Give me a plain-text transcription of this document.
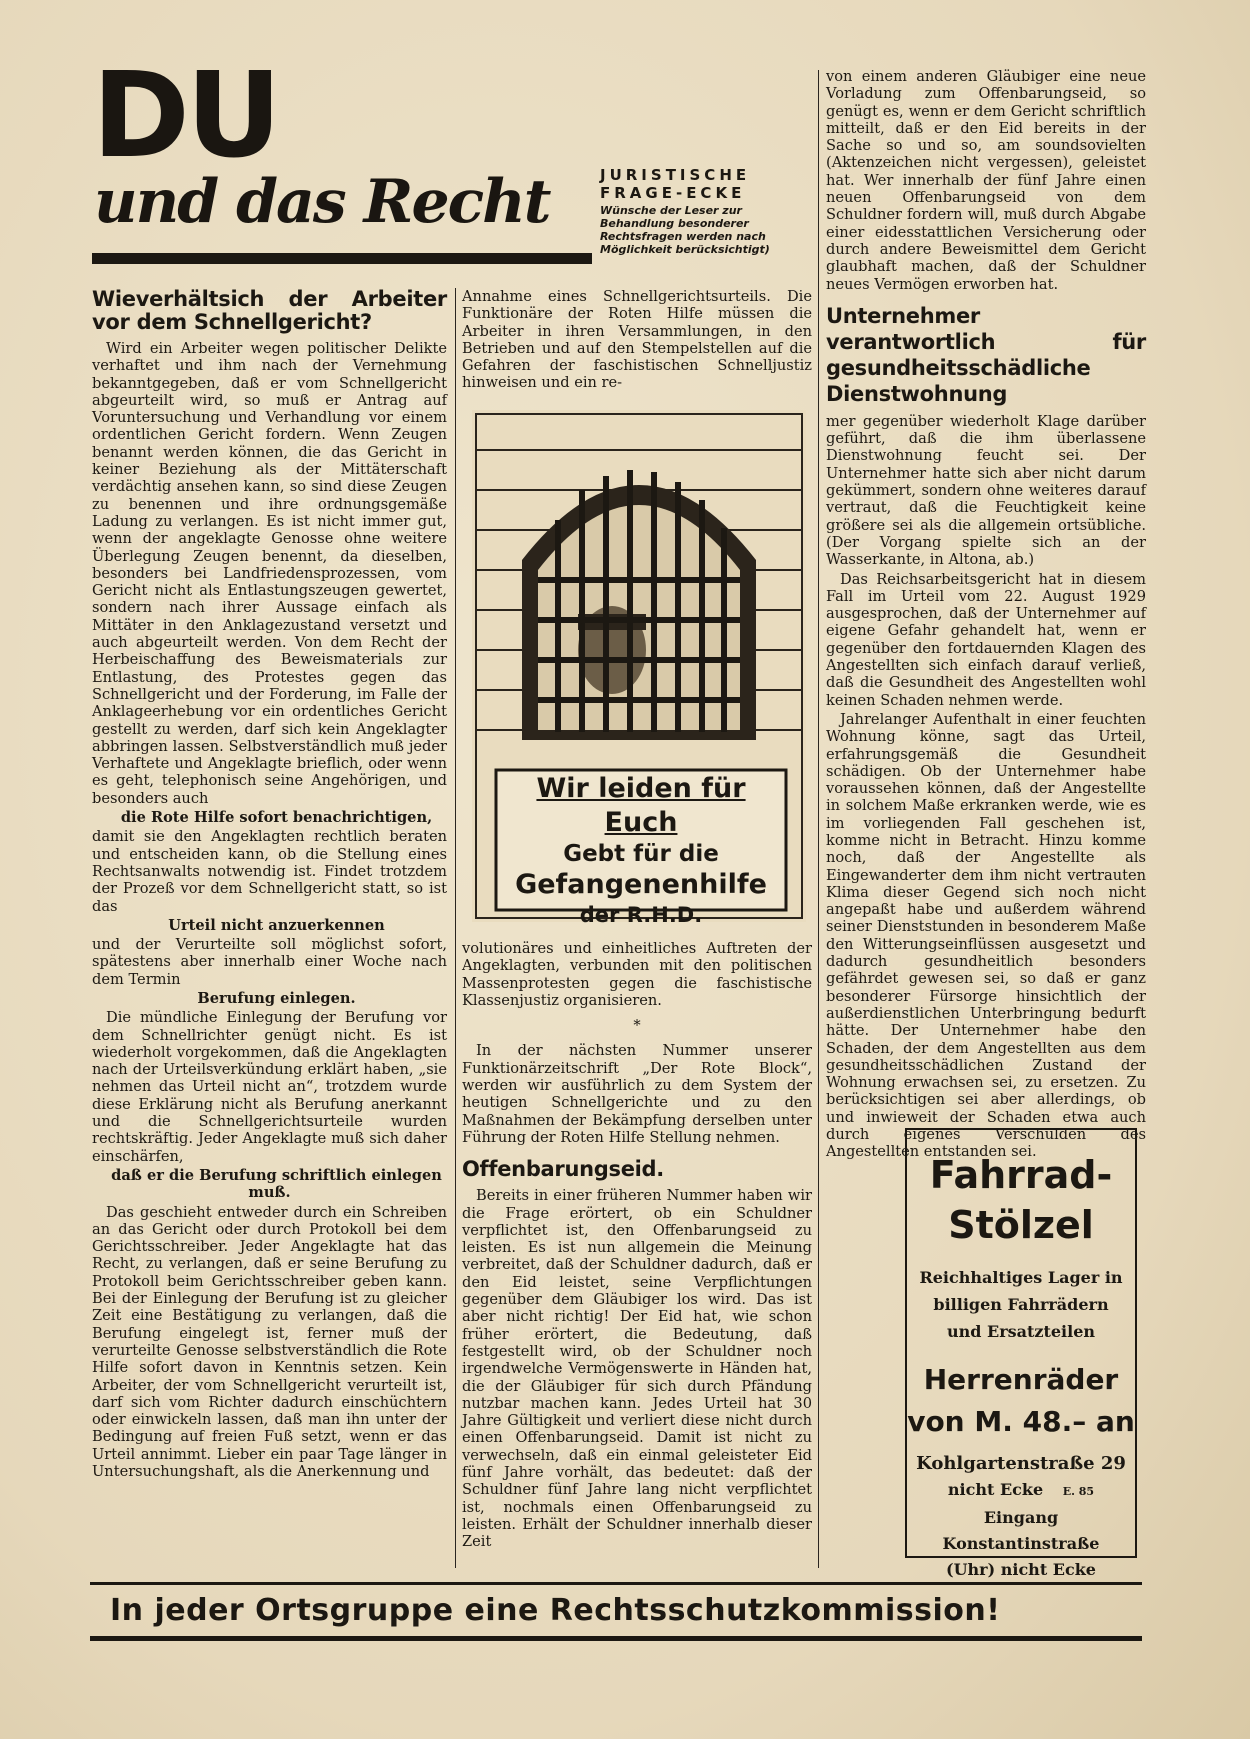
DU
und das Recht	JURISTISCHE FRAGE-ECKE
Wünsche der Leser zur Behandlung besonderer Rechtsfragen werden nach Möglichkeit berücksichtigt)
Wieverhältsich der Arbeiter vor dem Schnellgericht?

Wird ein Arbeiter wegen politischer Delikte verhaftet und ihm nach der Vernehmung bekanntgegeben, daß er vom Schnellgericht abgeurteilt wird, so muß er Antrag auf Voruntersuchung und Verhandlung vor einem ordentlichen Gericht fordern. Wenn Zeugen benannt werden können, die das Gericht in keiner Beziehung als der Mittäterschaft verdächtig ansehen kann, so sind diese Zeugen zu benennen und ihre ordnungsgemäße Ladung zu verlangen. Es ist nicht immer gut, wenn der angeklagte Genosse ohne weitere Überlegung Zeugen benennt, da dieselben, besonders bei Landfriedensprozessen, vom Gericht nicht als Entlastungszeugen gewertet, sondern nach ihrer Aussage einfach als Mittäter in den Anklagezustand versetzt und auch abgeurteilt werden. Von dem Recht der Herbeischaffung des Beweismaterials zur Entlastung, des Protestes gegen das Schnellgericht und der Forderung, im Falle der Anklageerhebung vor ein ordentliches Gericht gestellt zu werden, darf sich kein Angeklagter abbringen lassen. Selbstverständlich muß jeder Verhaftete und Angeklagte brieflich, oder wenn es geht, telephonisch seine Angehörigen, und besonders auch

die Rote Hilfe sofort benachrichtigen,

damit sie den Angeklagten rechtlich beraten und entscheiden kann, ob die Stellung eines Rechtsanwalts notwendig ist. Findet trotzdem der Prozeß vor dem Schnellgericht statt, so ist das

Urteil nicht anzuerkennen

und der Verurteilte soll möglichst sofort, spätestens aber innerhalb einer Woche nach dem Termin

Berufung einlegen.

Die mündliche Einlegung der Berufung vor dem Schnellrichter genügt nicht. Es ist wiederholt vorgekommen, daß die Angeklagten nach der Urteilsverkündung erklärt haben, „sie nehmen das Urteil nicht an“, trotzdem wurde diese Erklärung nicht als Berufung anerkannt und die Schnellgerichtsurteile wurden rechtskräftig. Jeder Angeklagte muß sich daher einschärfen,

daß er die Berufung schriftlich einlegen muß.

Das geschieht entweder durch ein Schreiben an das Gericht oder durch Protokoll bei dem Gerichtsschreiber. Jeder Angeklagte hat das Recht, zu verlangen, daß er seine Berufung zu Protokoll beim Gerichtsschreiber geben kann. Bei der Einlegung der Berufung ist zu gleicher Zeit eine Bestätigung zu verlangen, daß die Berufung eingelegt ist, ferner muß der verurteilte Genosse selbstverständlich die Rote Hilfe sofort davon in Kenntnis setzen. Kein Arbeiter, der vom Schnellgericht verurteilt ist, darf sich vom Richter dadurch einschüchtern oder einwickeln lassen, daß man ihn unter der Bedingung auf freien Fuß setzt, wenn er das Urteil annimmt. Lieber ein paar Tage länger in Untersuchungshaft, als die Anerkennung und

Annahme eines Schnellgerichtsurteils. Die Funktionäre der Roten Hilfe müssen die Arbeiter in ihren Versammlungen, in den Betrieben und auf den Stempelstellen auf die Gefahren der faschistischen Schnelljustiz hinweisen und ein re-

Wir leiden für Euch
Gebt für die
Gefangenenhilfe
der R.H.D.

volutionäres und einheitliches Auftreten der Angeklagten, verbunden mit den politischen Massenprotesten gegen die faschistische Klassenjustiz organisieren.

*

In der nächsten Nummer unserer Funktionärzeitschrift „Der Rote Block“, werden wir ausführlich zu dem System der heutigen Schnellgerichte und zu den Maßnahmen der Bekämpfung derselben unter Führung der Roten Hilfe Stellung nehmen.

Offenbarungseid.

Bereits in einer früheren Nummer haben wir die Frage erörtert, ob ein Schuldner verpflichtet ist, den Offenbarungseid zu leisten. Es ist nun allgemein die Meinung verbreitet, daß der Schuldner dadurch, daß er den Eid leistet, seine Verpflichtungen gegenüber dem Gläubiger los wird. Das ist aber nicht richtig! Der Eid hat, wie schon früher erörtert, die Bedeutung, daß festgestellt wird, ob der Schuldner noch irgendwelche Vermögenswerte in Händen hat, die der Gläubiger für sich durch Pfändung nutzbar machen kann. Jedes Urteil hat 30 Jahre Gültigkeit und verliert diese nicht durch einen Offenbarungseid. Damit ist nicht zu verwechseln, daß ein einmal geleisteter Eid fünf Jahre vorhält, das bedeutet: daß der Schuldner fünf Jahre lang nicht verpflichtet ist, nochmals einen Offenbarungseid zu leisten. Erhält der Schuldner innerhalb dieser Zeit

von einem anderen Gläubiger eine neue Vorladung zum Offenbarungseid, so genügt es, wenn er dem Gericht schriftlich mitteilt, daß er den Eid bereits in der Sache so und so, am soundsovielten (Aktenzeichen nicht vergessen), geleistet hat. Wer innerhalb der fünf Jahre einen neuen Offenbarungseid von dem Schuldner fordern will, muß durch Abgabe einer eidesstattlichen Versicherung oder durch andere Beweismittel dem Gericht glaubhaft machen, daß der Schuldner neues Vermögen erworben hat.

Unternehmer verantwortlich für gesundheitsschädliche Dienstwohnung

mer gegenüber wiederholt Klage darüber geführt, daß die ihm überlassene Dienstwohnung feucht sei. Der Unternehmer hatte sich aber nicht darum gekümmert, sondern ohne weiteres darauf vertraut, daß die Feuchtigkeit keine größere sei als die allgemein ortsübliche. (Der Vorgang spielte sich an der Wasserkante, in Altona, ab.)

Das Reichsarbeitsgericht hat in diesem Fall im Urteil vom 22. August 1929 ausgesprochen, daß der Unternehmer auf eigene Gefahr gehandelt hat, wenn er gegenüber den fortdauernden Klagen des Angestellten sich einfach darauf verließ, daß die Gesundheit des Angestellten wohl keinen Schaden nehmen werde.

Jahrelanger Aufenthalt in einer feuchten Wohnung könne, sagt das Urteil, erfahrungsgemäß die Gesundheit schädigen. Ob der Unternehmer habe voraussehen können, daß der Angestellte in solchem Maße erkranken werde, wie es im vorliegenden Fall geschehen ist, komme nicht in Betracht. Hinzu komme noch, daß der Angestellte als Eingewanderter dem ihm nicht vertrauten Klima dieser Gegend sich noch nicht angepaßt habe und außerdem während seiner Dienststunden in besonderem Maße den Witterungseinflüssen ausgesetzt und dadurch gesundheitlich besonders gefährdet gewesen sei, so daß er ganz besonderer Fürsorge hinsichtlich der außerdienstlichen Unterbringung bedurft hätte. Der Unternehmer habe den Schaden, der dem Angestellten aus dem gesundheitsschädlichen Zustand der Wohnung erwachsen sei, zu ersetzen. Zu berücksichtigen sei aber allerdings, ob und inwieweit der Schaden etwa auch durch eigenes Verschulden des Angestellten entstanden sei.

Fahrrad-
Stölzel
Reichhaltiges Lager in billigen Fahrrädern und Ersatzteilen
Herrenräder
von M. 48.– an
Kohlgartenstraße 29
nicht Ecke E. 85
Eingang Konstantinstraße
(Uhr) nicht Ecke
In jeder Ortsgruppe eine Rechtsschutzkommission!
